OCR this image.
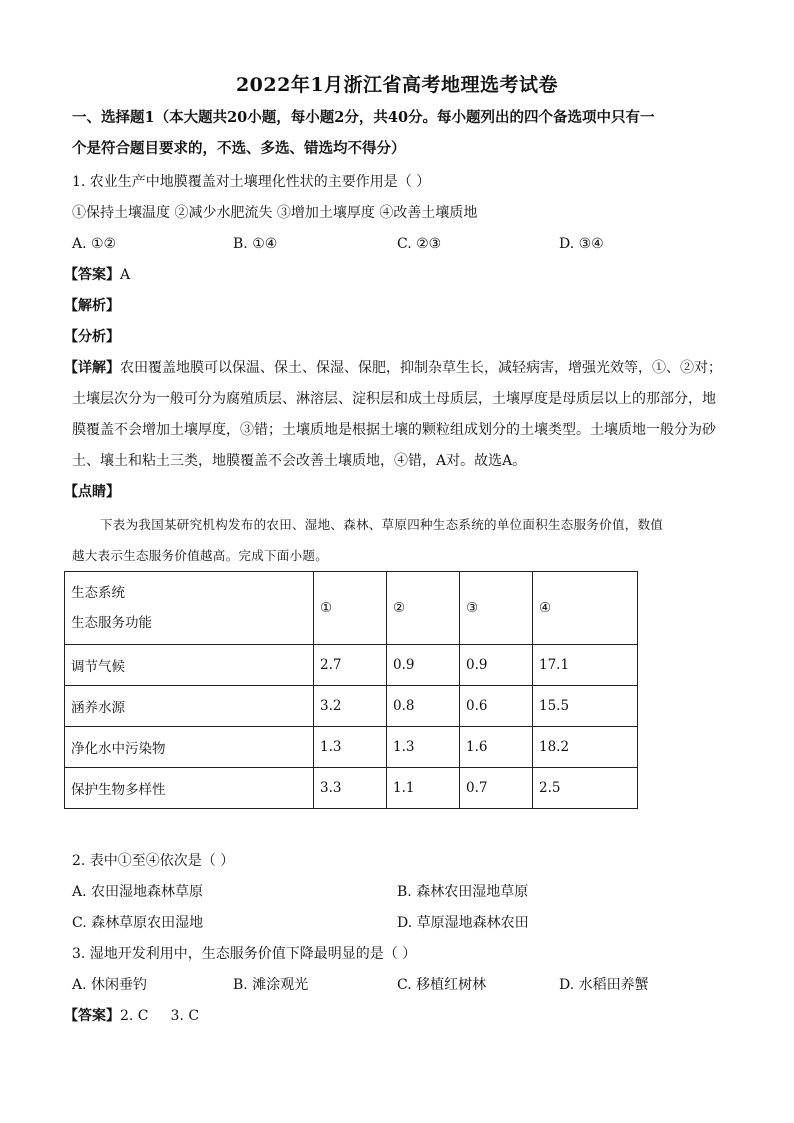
2022年1月浙江省高考地理选考试卷
一、选择题1（本大题共20小题，每小题2分，共40分。每小题列出的四个备选项中只有一
个是符合题目要求的，不选、多选、错选均不得分）
1. 农业生产中地膜覆盖对土壤理化性状的主要作用是（ ）
①保持土壤温度 ②减少水肥流失 ③增加土壤厚度 ④改善土壤质地
A. ①②	B. ①④	C. ②③	D. ③④
【答案】A
【解析】
【分析】
【详解】农田覆盖地膜可以保温、保土、保湿、保肥，抑制杂草生长，减轻病害，增强光效等，①、②对；
土壤层次分为一般可分为腐殖质层、淋溶层、淀积层和成土母质层，土壤厚度是母质层以上的那部分，地
膜覆盖不会增加土壤厚度，③错；土壤质地是根据土壤的颗粒组成划分的土壤类型。土壤质地一般分为砂
土、壤土和粘土三类，地膜覆盖不会改善土壤质地，④错，A对。故选A。
【点睛】
下表为我国某研究机构发布的农田、湿地、森林、草原四种生态系统的单位面积生态服务价值，数值
越大表示生态服务价值越高。完成下面小题。
生态系统
生态服务功能	①	②	③	④
调节气候	2.7	0.9	0.9	17.1
涵养水源	3.2	0.8	0.6	15.5
净化水中污染物	1.3	1.3	1.6	18.2
保护生物多样性	3.3	1.1	0.7	2.5
2. 表中①至④依次是（ ）
A. 农田湿地森林草原	B. 森林农田湿地草原
C. 森林草原农田湿地	D. 草原湿地森林农田
3. 湿地开发利用中，生态服务价值下降最明显的是（ ）
A. 休闲垂钓	B. 滩涂观光	C. 移植红树林	D. 水稻田养蟹
【答案】2. C 3. C
